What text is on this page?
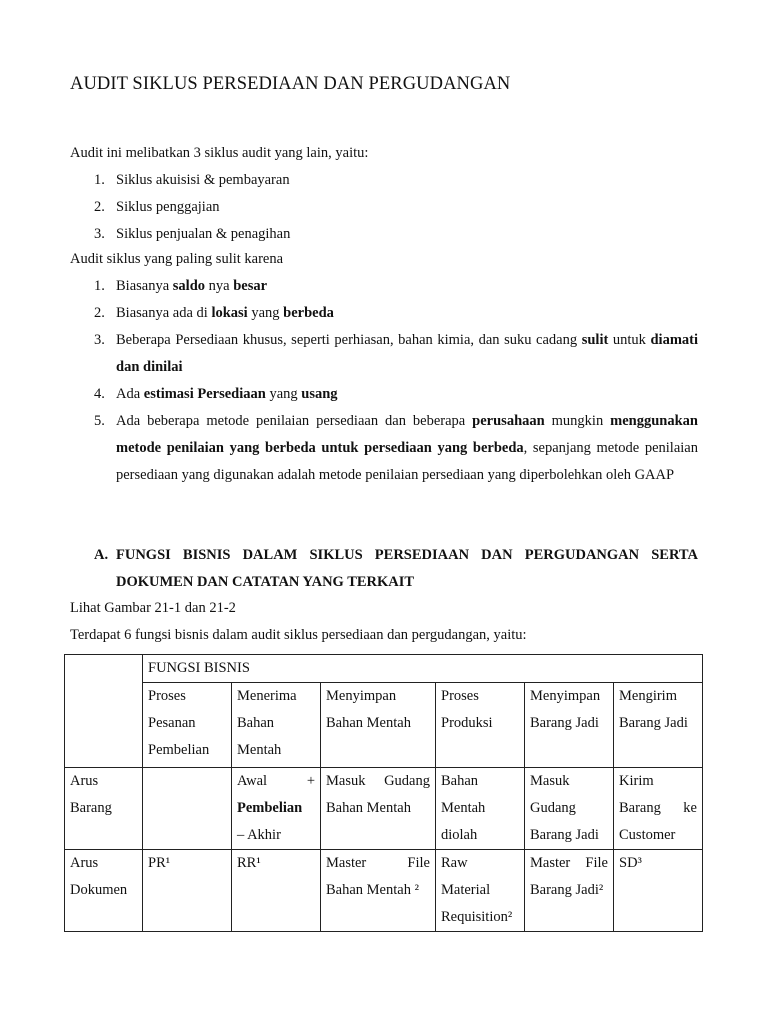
AUDIT SIKLUS PERSEDIAAN DAN PERGUDANGAN
Audit ini melibatkan 3 siklus audit yang lain, yaitu:
1. Siklus akuisisi & pembayaran
2. Siklus penggajian
3. Siklus penjualan & penagihan
Audit siklus yang paling sulit karena
1. Biasanya saldo nya besar
2. Biasanya ada di lokasi yang berbeda
3. Beberapa Persediaan khusus, seperti perhiasan, bahan kimia, dan suku cadang sulit untuk diamati dan dinilai
4. Ada estimasi Persediaan yang usang
5. Ada beberapa metode penilaian persediaan dan beberapa perusahaan mungkin menggunakan metode penilaian yang berbeda untuk persediaan yang berbeda, sepanjang metode penilaian persediaan yang digunakan adalah metode penilaian persediaan yang diperbolehkan oleh GAAP
A. FUNGSI BISNIS DALAM SIKLUS PERSEDIAAN DAN PERGUDANGAN SERTA DOKUMEN DAN CATATAN YANG TERKAIT
Lihat Gambar 21-1 dan 21-2
Terdapat 6 fungsi bisnis dalam audit siklus persediaan dan pergudangan, yaitu:
	FUNGSI BISNIS					
	Proses Pesanan Pembelian	Menerima Bahan Mentah	Menyimpan Bahan Mentah	Proses Produksi	Menyimpan Barang Jadi	Mengirim Barang Jadi
Arus Barang		Awal +
Pembelian
– Akhir	Masuk Gudang Bahan Mentah	Bahan Mentah diolah	Masuk Gudang Barang Jadi	Kirim Barang ke Customer
Arus Dokumen	PR¹	RR¹	Master File Bahan Mentah ²	Raw Material Requisition²	Master File Barang Jadi²	SD³
